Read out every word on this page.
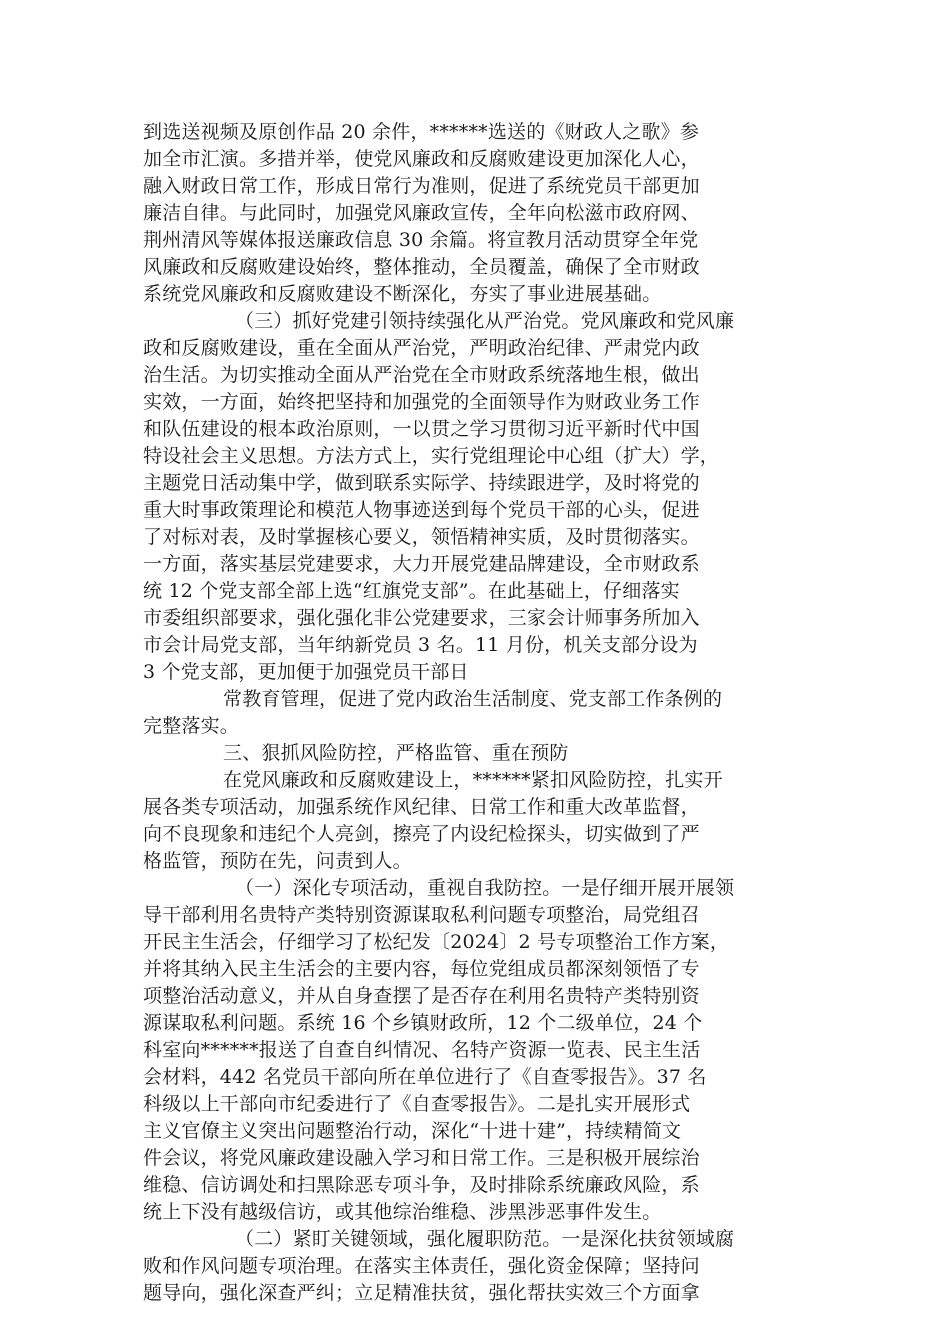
到选送视频及原创作品 20 余件，******选送的《财政人之歌》参
加全市汇演。多措并举，使党风廉政和反腐败建设更加深化人心，
融入财政日常工作，形成日常行为准则，促进了系统党员干部更加
廉洁自律。与此同时，加强党风廉政宣传，全年向松滋市政府网、
荆州清风等媒体报送廉政信息 30 余篇。将宣教月活动贯穿全年党
风廉政和反腐败建设始终，整体推动，全员覆盖，确保了全市财政
系统党风廉政和反腐败建设不断深化，夯实了事业进展基础。
（三）抓好党建引领持续强化从严治党。党风廉政和党风廉
政和反腐败建设，重在全面从严治党，严明政治纪律、严肃党内政
治生活。为切实推动全面从严治党在全市财政系统落地生根，做出
实效，一方面，始终把坚持和加强党的全面领导作为财政业务工作
和队伍建设的根本政治原则，一以贯之学习贯彻习近平新时代中国
特设社会主义思想。方法方式上，实行党组理论中心组（扩大）学，
主题党日活动集中学，做到联系实际学、持续跟进学，及时将党的
重大时事政策理论和模范人物事迹送到每个党员干部的心头，促进
了对标对表，及时掌握核心要义，领悟精神实质，及时贯彻落实。
一方面，落实基层党建要求，大力开展党建品牌建设，全市财政系
统 12 个党支部全部上选“红旗党支部”。在此基础上，仔细落实
市委组织部要求，强化强化非公党建要求，三家会计师事务所加入
市会计局党支部，当年纳新党员 3 名。11 月份，机关支部分设为
3 个党支部，更加便于加强党员干部日
常教育管理，促进了党内政治生活制度、党支部工作条例的
完整落实。
三、狠抓风险防控，严格监管、重在预防
在党风廉政和反腐败建设上，******紧扣风险防控，扎实开
展各类专项活动，加强系统作风纪律、日常工作和重大改革监督，
向不良现象和违纪个人亮剑，擦亮了内设纪检探头，切实做到了严
格监管，预防在先，问责到人。
（一）深化专项活动，重视自我防控。一是仔细开展开展领
导干部利用名贵特产类特别资源谋取私利问题专项整治，局党组召
开民主生活会，仔细学习了松纪发〔2024〕2 号专项整治工作方案，
并将其纳入民主生活会的主要内容，每位党组成员都深刻领悟了专
项整治活动意义，并从自身查摆了是否存在利用名贵特产类特别资
源谋取私利问题。系统 16 个乡镇财政所，12 个二级单位，24 个
科室向******报送了自查自纠情况、名特产资源一览表、民主生活
会材料，442 名党员干部向所在单位进行了《自查零报告》。37 名
科级以上干部向市纪委进行了《自查零报告》。二是扎实开展形式
主义官僚主义突出问题整治行动，深化“十进十建”，持续精简文
件会议，将党风廉政建设融入学习和日常工作。三是积极开展综治
维稳、信访调处和扫黑除恶专项斗争，及时排除系统廉政风险，系
统上下没有越级信访，或其他综治维稳、涉黑涉恶事件发生。
（二）紧盯关键领域，强化履职防范。一是深化扶贫领域腐
败和作风问题专项治理。在落实主体责任，强化资金保障；坚持问
题导向，强化深查严纠；立足精准扶贫，强化帮扶实效三个方面拿
